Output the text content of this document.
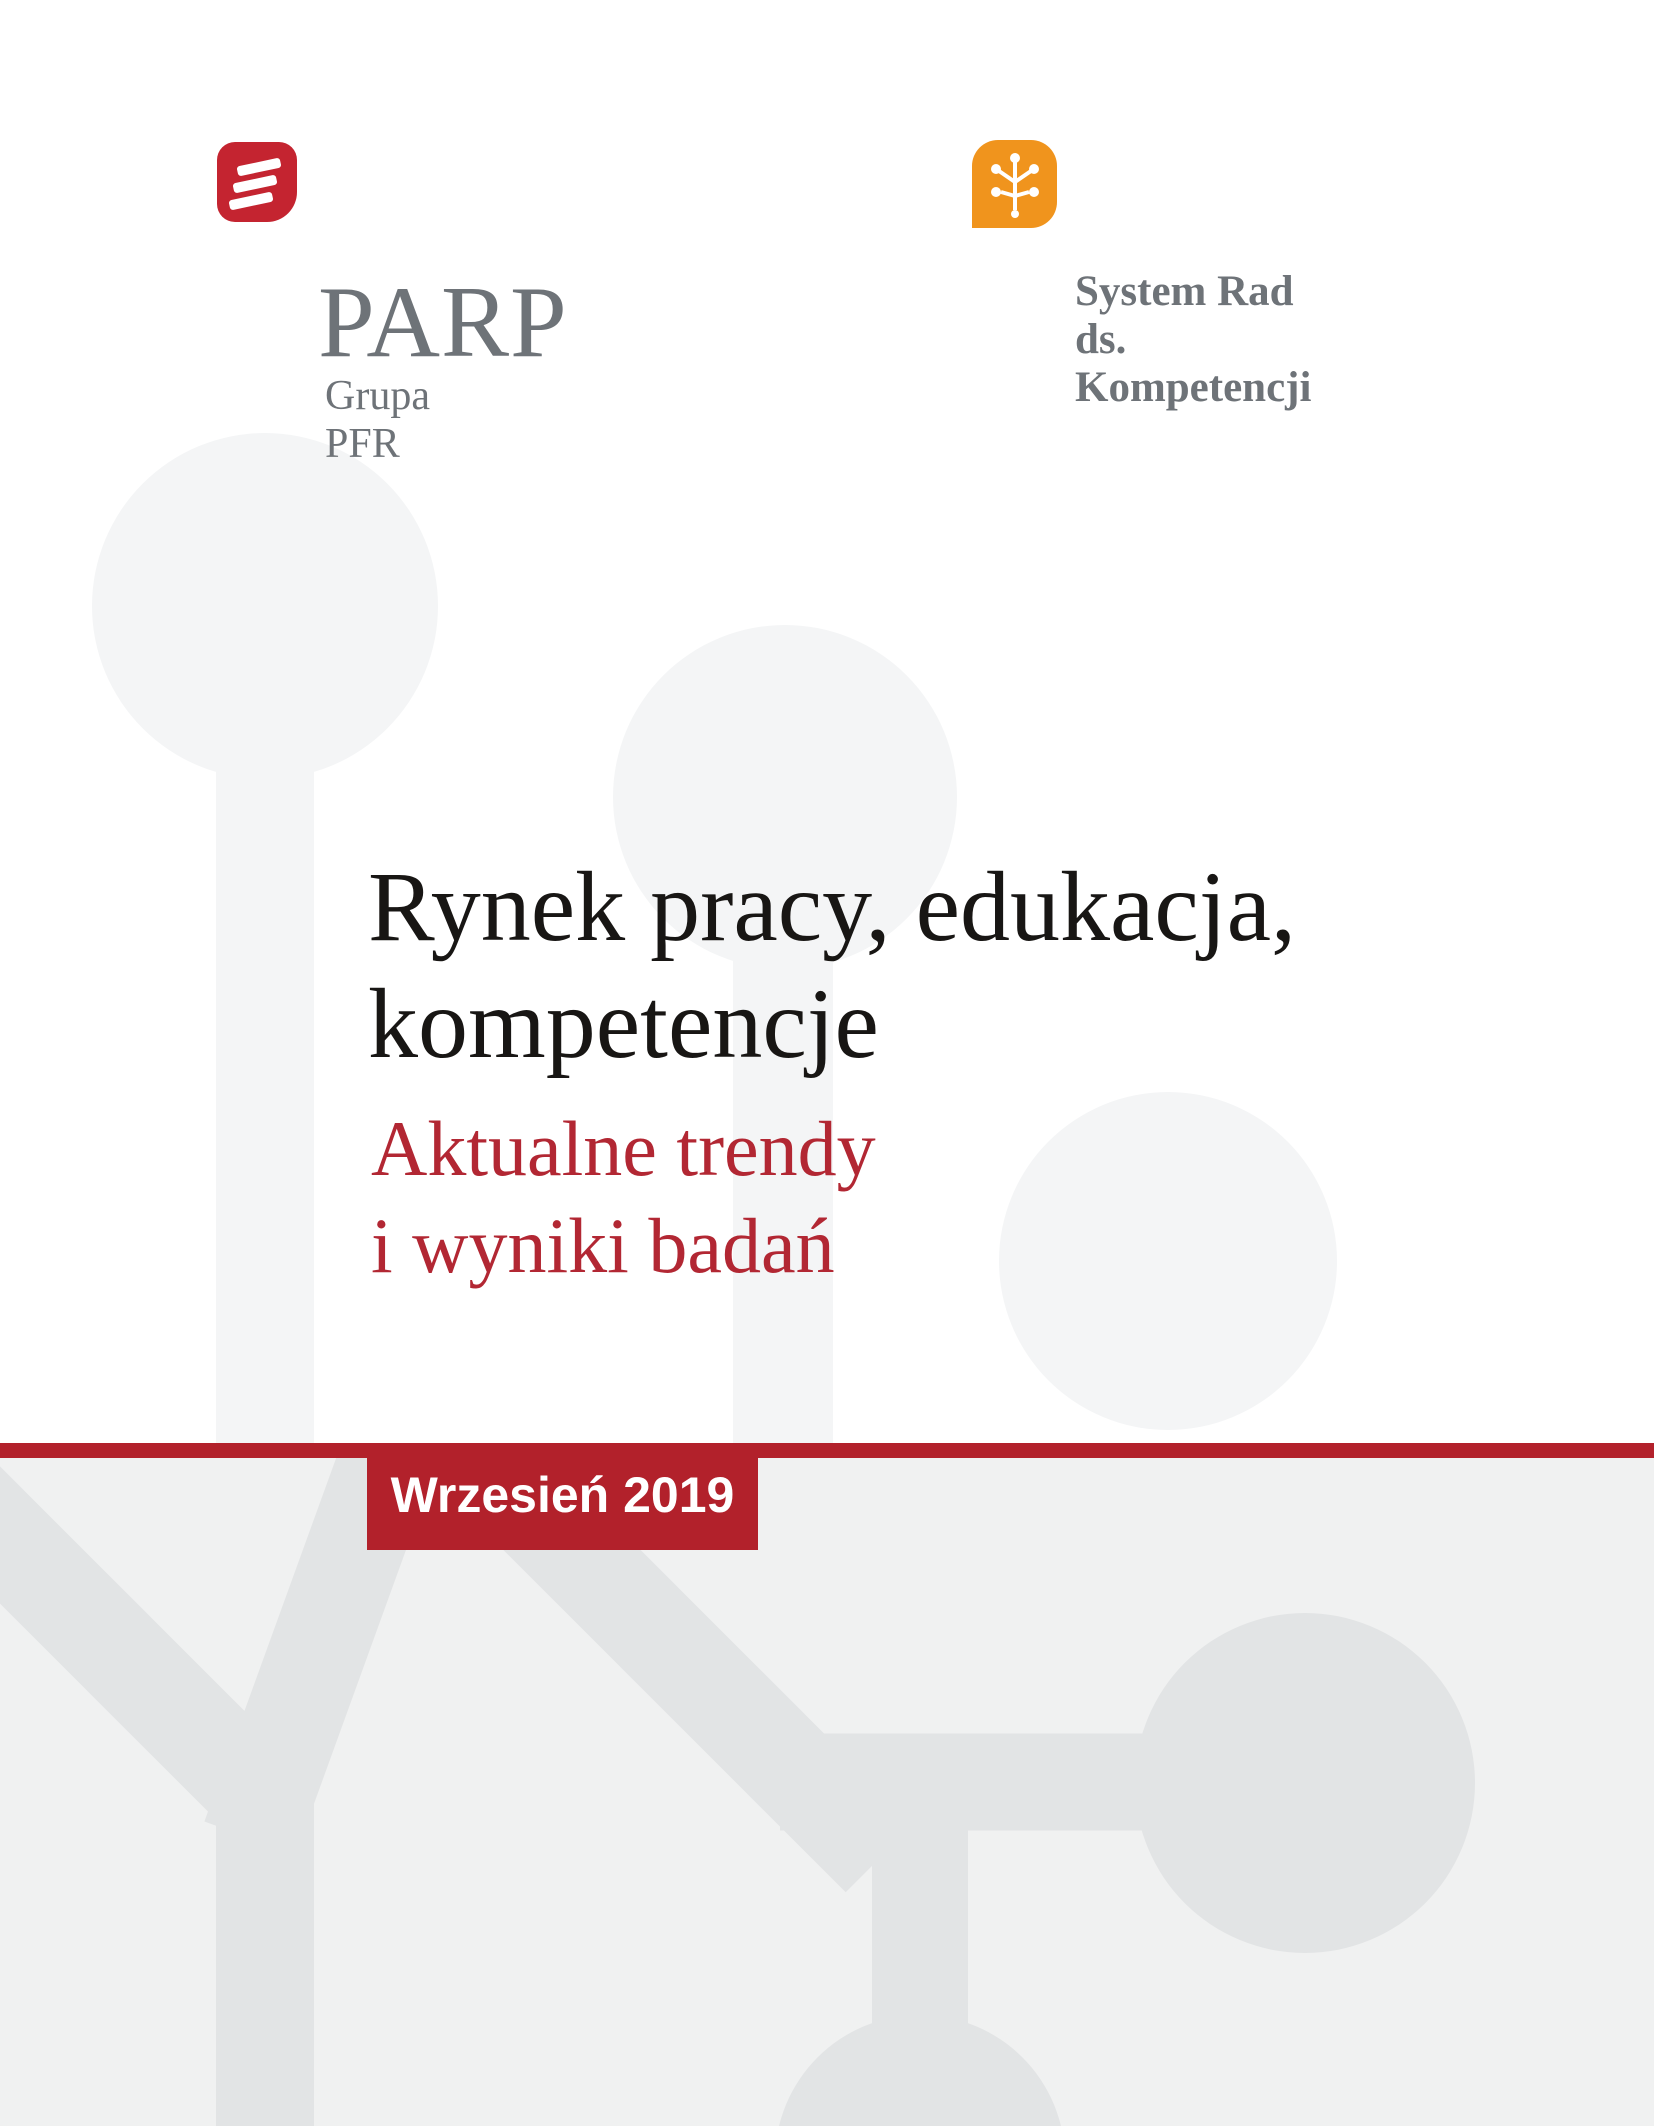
PARP
Grupa PFR
System Rad
ds. Kompetencji
Rynek pracy, edukacja,
kompetencje
Aktualne trendy
i wyniki badań
Wrzesień 2019
